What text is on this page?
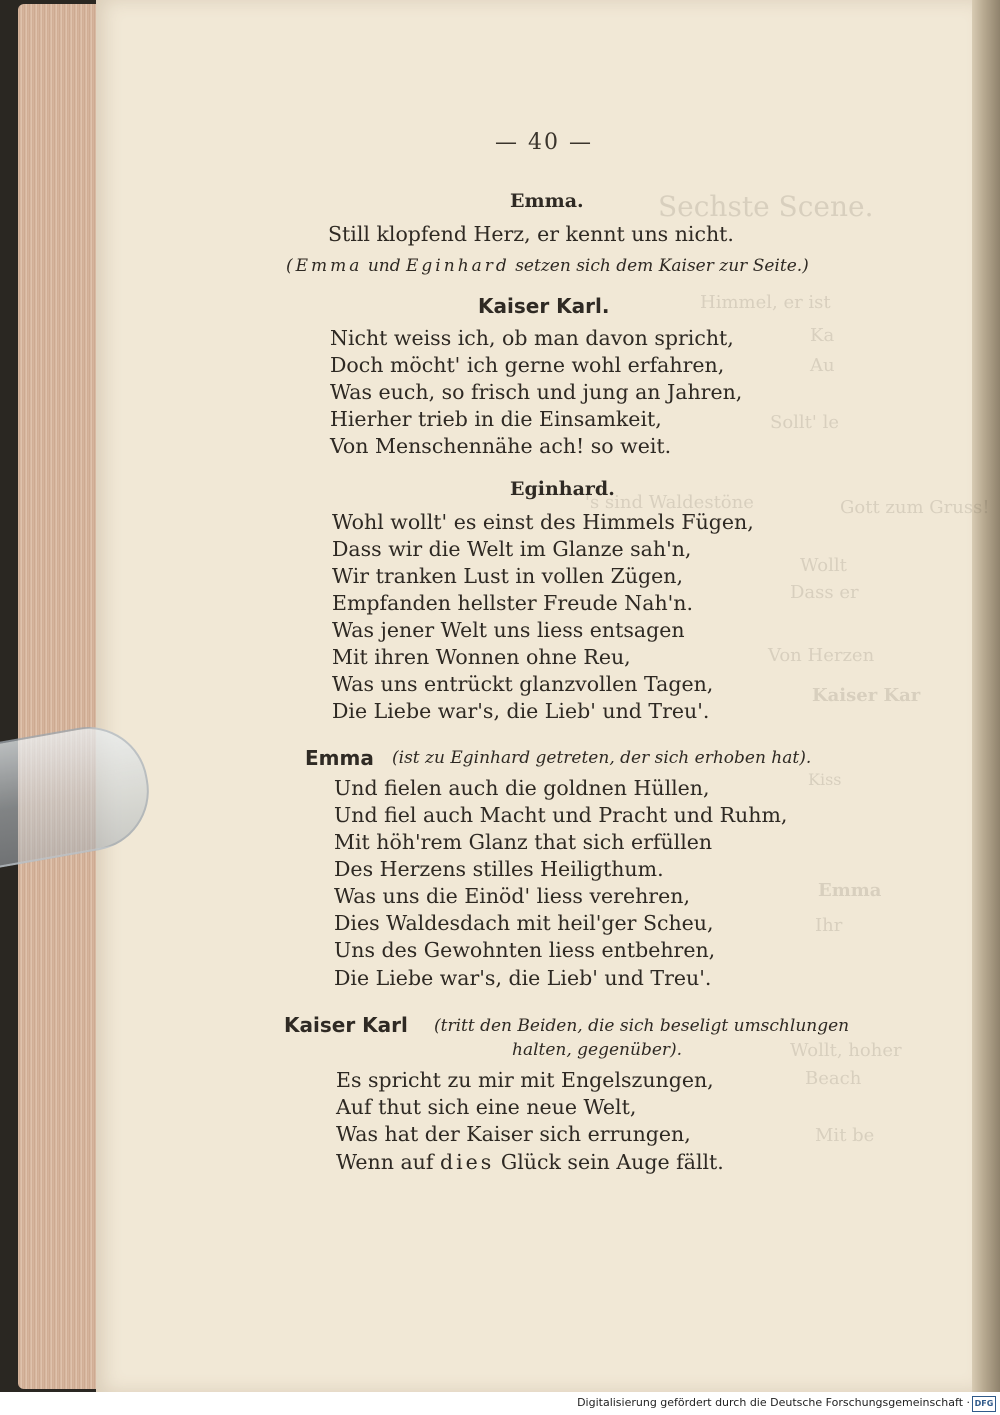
Sechste Scene.
Himmel, er ist
Ka
Au
Sollt' le
's sind Waldestöne	Gott zum Gruss!
Wollt
Dass er
Von Herzen
Kaiser Kar
Kiss
Emma
Wollt, hoher
Beach
Mit be
Ihr
— 40 —
Emma.
Still klopfend Herz, er kennt uns nicht.
(Emma und Eginhard setzen sich dem Kaiser zur Seite.)
Kaiser Karl.
Nicht weiss ich, ob man davon spricht,
Doch möcht' ich gerne wohl erfahren,
Was euch, so frisch und jung an Jahren,
Hierher trieb in die Einsamkeit,
Von Menschennähe ach! so weit.
Eginhard.
Wohl wollt' es einst des Himmels Fügen,
Dass wir die Welt im Glanze sah'n,
Wir tranken Lust in vollen Zügen,
Empfanden hellster Freude Nah'n.
Was jener Welt uns liess entsagen
Mit ihren Wonnen ohne Reu,
Was uns entrückt glanzvollen Tagen,
Die Liebe war's, die Lieb' und Treu'.
Emma (ist zu Eginhard getreten, der sich erhoben hat).
Und fielen auch die goldnen Hüllen,
Und fiel auch Macht und Pracht und Ruhm,
Mit höh'rem Glanz that sich erfüllen
Des Herzens stilles Heiligthum.
Was uns die Einöd' liess verehren,
Dies Waldesdach mit heil'ger Scheu,
Uns des Gewohnten liess entbehren,
Die Liebe war's, die Lieb' und Treu'.
Kaiser Karl (tritt den Beiden, die sich beseligt umschlungen
halten, gegenüber).
Es spricht zu mir mit Engelszungen,
Auf thut sich eine neue Welt,
Was hat der Kaiser sich errungen,
Wenn auf dies Glück sein Auge fällt.
Digitalisierung gefördert durch die Deutsche Forschungsgemeinschaft · DFG
